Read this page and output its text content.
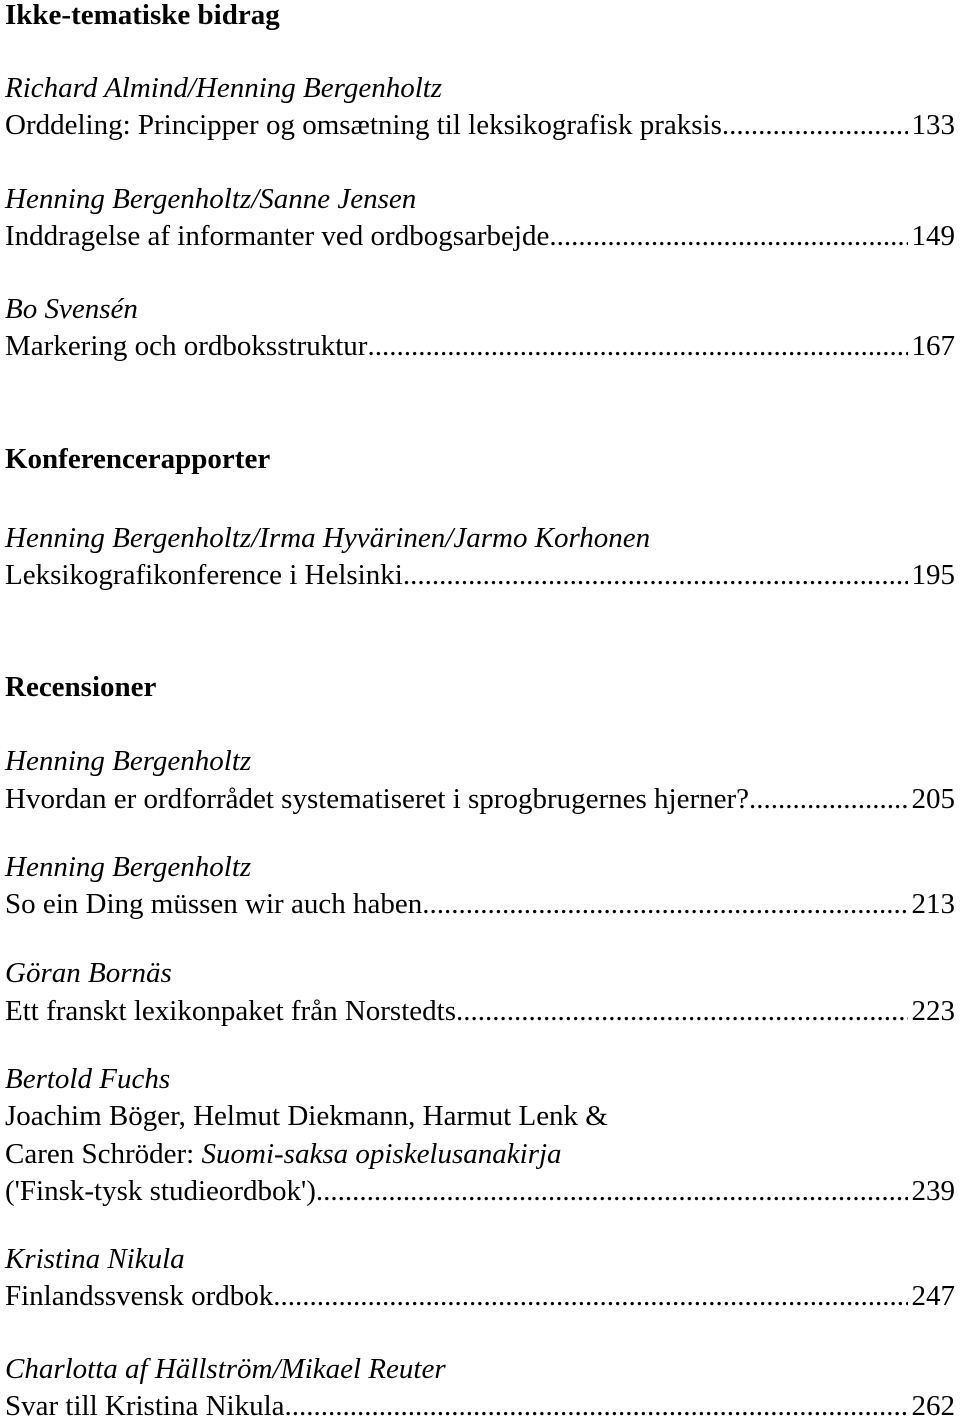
Ikke-tematiske bidrag
Richard Almind/Henning Bergenholtz
Orddeling: Principper og omsætning til leksikografisk praksis .....	133
Henning Bergenholtz/Sanne Jensen
Inddragelse af informanter ved ordbogsarbejde .....	149
Bo Svensén
Markering och ordboksstruktur .....	167
Konferencerapporter
Henning Bergenholtz/Irma Hyvärinen/Jarmo Korhonen
Leksikografikonference i Helsinki .....	195
Recensioner
Henning Bergenholtz
Hvordan er ordforrådet systematiseret i sprogbrugernes hjerner? .....	205
Henning Bergenholtz
So ein Ding müssen wir auch haben .....	213
Göran Bornäs
Ett franskt lexikonpaket från Norstedts .....	223
Bertold Fuchs
Joachim Böger, Helmut Diekmann, Harmut Lenk &
Caren Schröder: Suomi-saksa opiskelusanakirja
('Finsk-tysk studieordbok') .....	239
Kristina Nikula
Finlandssvensk ordbok .....	247
Charlotta af Hällström/Mikael Reuter
Svar till Kristina Nikula .....	262
